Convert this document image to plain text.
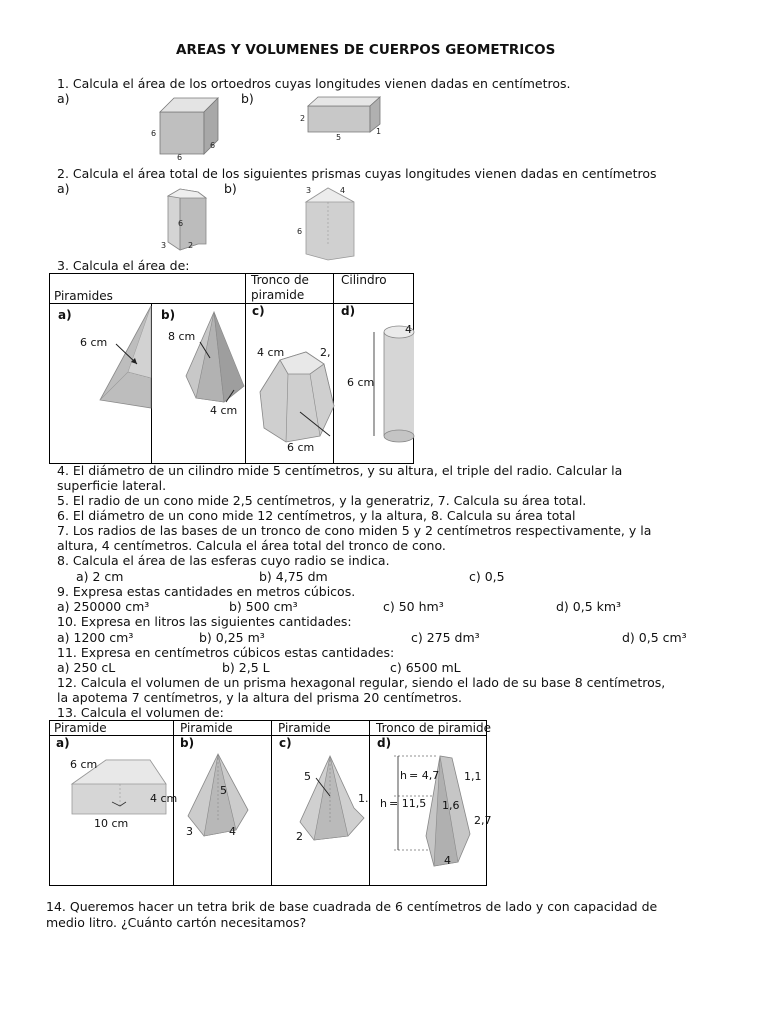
AREAS Y VOLUMENES DE CUERPOS GEOMETRICOS
1. Calcula el área de los ortoedros cuyas longitudes vienen dadas en centímetros.
a)	b)
6
6
6
2
5
1
2. Calcula el área total de los siguientes prismas cuyas longitudes vienen dadas en centímetros
a)	b)
6
3	2
3	4
6
3. Calcula el área de:
Piramides
Tronco de
piramide
Cilindro
a)	b)	c)	d)
6 cm	8 cm
4 cm
4 cm	2,
6 cm
6 cm
4
4. El diámetro de un cilindro mide 5 centímetros, y su altura, el triple del radio. Calcular la
superficie lateral.
5. El radio de un cono mide 2,5 centímetros, y la generatriz, 7. Calcula su área total.
6. El diámetro de un cono mide 12 centímetros, y la altura, 8. Calcula su área total
7. Los radios de las bases de un tronco de cono miden 5 y 2 centímetros respectivamente, y la
altura, 4 centímetros. Calcula el área total del tronco de cono.
8. Calcula el área de las esferas cuyo radio se indica.
a) 2 cm	b) 4,75 dm	c) 0,5
9. Expresa estas cantidades en metros cúbicos.
a) 250000 cm³	b) 500 cm³	c) 50 hm³	d) 0,5 km³
10. Expresa en litros las siguientes cantidades:
a) 1200 cm³	b) 0,25 m³	c) 275 dm³	d) 0,5 cm³
11. Expresa en centímetros cúbicos estas cantidades:
a) 250 cL	b) 2,5 L	c) 6500 mL
12. Calcula el volumen de un prisma hexagonal regular, siendo el lado de su base 8 centímetros,
la apotema 7 centímetros, y la altura del prisma 20 centímetros.
13. Calcula el volumen de:
Piramide	Piramide	Piramide	Tronco de piramide
a)	b)	c)	d)
6 cm
4 cm
10 cm
5
3	4
5
1.
2
h = 4,7
h = 11,5
1,1
1,6
2,7
4
14. Queremos hacer un tetra brik de base cuadrada de 6 centímetros de lado y con capacidad de
medio litro. ¿Cuánto cartón necesitamos?
